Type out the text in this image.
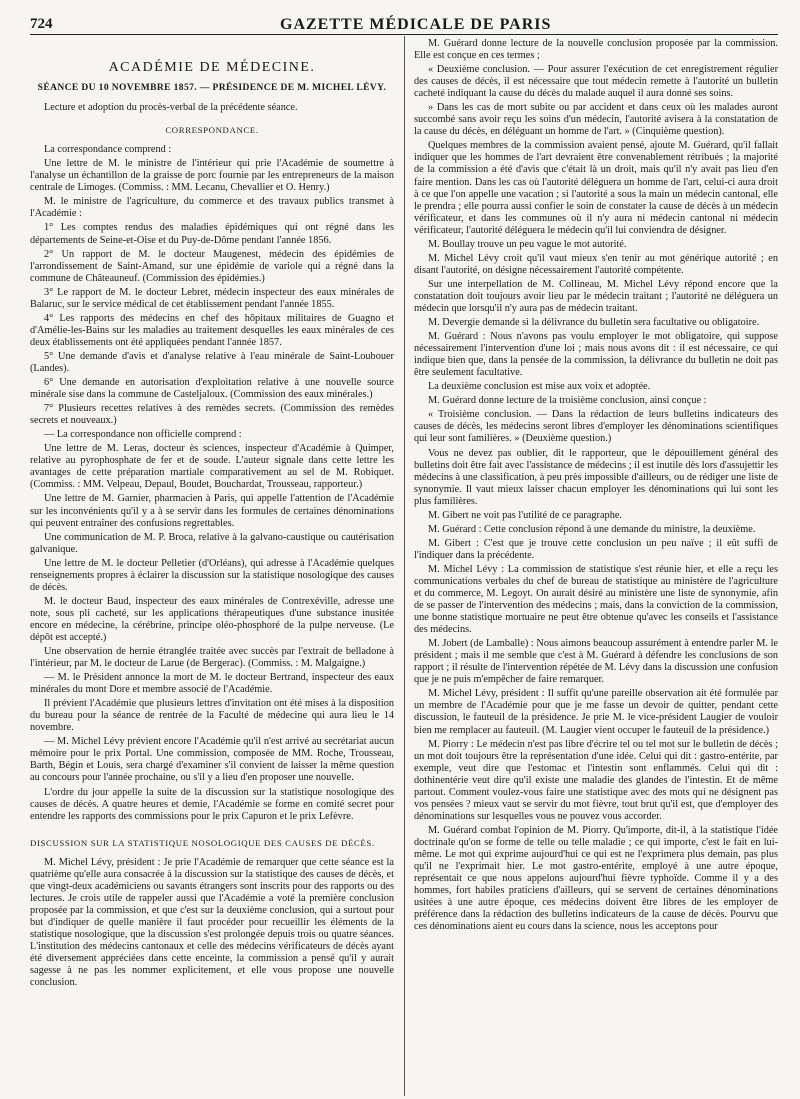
724	GAZETTE MÉDICALE DE PARIS
ACADÉMIE DE MÉDECINE.
SÉANCE DU 10 NOVEMBRE 1857. — PRÉSIDENCE DE M. MICHEL LÉVY.

Lecture et adoption du procès-verbal de la précédente séance.

CORRESPONDANCE.

La correspondance comprend :

Une lettre de M. le ministre de l'intérieur qui prie l'Académie de soumettre à l'analyse un échantillon de la graisse de porc fournie par les entrepreneurs de la maison centrale de Limoges. (Commiss. : MM. Lecanu, Chevallier et O. Henry.)

M. le ministre de l'agriculture, du commerce et des travaux publics transmet à l'Académie :

1° Les comptes rendus des maladies épidémiques qui ont régné dans les départements de Seine-et-Oise et du Puy-de-Dôme pendant l'année 1856.

2° Un rapport de M. le docteur Maugenest, médecin des épidémies de l'arrondissement de Saint-Amand, sur une épidémie de variole qui a régné dans la commune de Châteauneuf. (Commission des épidémies.)

3° Le rapport de M. le docteur Lebret, médecin inspecteur des eaux minérales de Balaruc, sur le service médical de cet établissement pendant l'année 1855.

4° Les rapports des médecins en chef des hôpitaux militaires de Guagno et d'Amélie-les-Bains sur les maladies au traitement desquelles les eaux minérales de ces deux établissements ont été appliquées pendant l'année 1857.

5° Une demande d'avis et d'analyse relative à l'eau minérale de Saint-Loubouer (Landes).

6° Une demande en autorisation d'exploitation relative à une nouvelle source minérale sise dans la commune de Casteljaloux. (Commission des eaux minérales.)

7° Plusieurs recettes relatives à des remèdes secrets. (Commission des remèdes secrets et nouveaux.)

— La correspondance non officielle comprend :

Une lettre de M. Leras, docteur ès sciences, inspecteur d'Académie à Quimper, relative au pyrophosphate de fer et de soude. L'auteur signale dans cette lettre les avantages de cette préparation martiale comparativement au sel de M. Robiquet. (Commiss. : MM. Velpeau, Depaul, Boudet, Bouchardat, Trousseau, rapporteur.)

Une lettre de M. Garnier, pharmacien à Paris, qui appelle l'attention de l'Académie sur les inconvénients qu'il y a à se servir dans les formules de certaines dénominations qui peuvent entraîner des confusions regrettables.

Une communication de M. P. Broca, relative à la galvano-caustique ou cautérisation galvanique.

Une lettre de M. le docteur Pelletier (d'Orléans), qui adresse à l'Académie quelques renseignements propres à éclairer la discussion sur la statistique nosologique des causes de décès.

M. le docteur Baud, inspecteur des eaux minérales de Contrexéville, adresse une note, sous pli cacheté, sur les applications thérapeutiques d'une substance inusitée encore en médecine, la cérébrine, principe oléo-phosphoré de la pulpe nerveuse. (Le dépôt est accepté.)

Une observation de hernie étranglée traitée avec succès par l'extrait de belladone à l'intérieur, par M. le docteur de Larue (de Bergerac). (Commiss. : M. Malgaigne.)

— M. le Président annonce la mort de M. le docteur Bertrand, inspecteur des eaux minérales du mont Dore et membre associé de l'Académie.

Il prévient l'Académie que plusieurs lettres d'invitation ont été mises à la disposition du bureau pour la séance de rentrée de la Faculté de médecine qui aura lieu le 14 novembre.

— M. Michel Lévy prévient encore l'Académie qu'il n'est arrivé au secrétariat aucun mémoire pour le prix Portal. Une commission, composée de MM. Roche, Trousseau, Barth, Bégin et Louis, sera chargé d'examiner s'il convient de laisser la même question au concours pour l'année prochaine, ou s'il y a lieu d'en proposer une nouvelle.

L'ordre du jour appelle la suite de la discussion sur la statistique nosologique des causes de décès. A quatre heures et demie, l'Académie se forme en comité secret pour entendre les rapports des commissions pour le prix Capuron et le prix Lefèvre.

DISCUSSION SUR LA STATISTIQUE NOSOLOGIQUE DES CAUSES DE DÉCÈS.

M. Michel Lévy, président : Je prie l'Académie de remarquer que cette séance est la quatrième qu'elle aura consacrée à la discussion sur la statistique des causes de décès, et que vingt-deux académiciens ou savants étrangers sont inscrits pour des rapports ou des lectures. Je crois utile de rappeler aussi que l'Académie a voté la première conclusion proposée par la commission, et que c'est sur la deuxième conclusion, qui a surtout pour but d'indiquer de quelle manière il faut procéder pour recueillir les éléments de la statistique nosologique, que la discussion s'est prolongée depuis trois ou quatre séances. L'institution des médecins cantonaux et celle des médecins vérificateurs de décès ayant été diversement appréciées dans cette enceinte, la commission a pensé qu'il y aurait sagesse à ne pas les nommer explicitement, et elle vous propose une nouvelle conclusion.

M. Guérard donne lecture de la nouvelle conclusion proposée par la commission. Elle est conçue en ces termes ;

« Deuxième conclusion. — Pour assurer l'exécution de cet enregistrement régulier des causes de décès, il est nécessaire que tout médecin remette à l'autorité un bulletin cacheté indiquant la cause du décès du malade auquel il aura donné ses soins.

» Dans les cas de mort subite ou par accident et dans ceux où les malades auront succombé sans avoir reçu les soins d'un médecin, l'autorité avisera à la constatation de la cause du décès, en déléguant un homme de l'art. » (Cinquième question).

Quelques membres de la commission avaient pensé, ajoute M. Guérard, qu'il fallait indiquer que les hommes de l'art devraient être convenablement rétribués ; la majorité de la commission a été d'avis que c'était là un droit, mais qu'il n'y avait pas lieu d'en faire mention. Dans les cas où l'autorité déléguera un homme de l'art, celui-ci aura droit à ce que l'on appelle une vacation ; si l'autorité a sous la main un médecin cantonal, elle le prendra ; elle pourra aussi confier le soin de constater la cause de décès à un médecin vérificateur, et dans les communes où il n'y aura ni médecin cantonal ni médecin vérificateur, l'autorité déléguera le médecin qu'il lui conviendra de désigner.

M. Boullay trouve un peu vague le mot autorité.

M. Michel Lévy croit qu'il vaut mieux s'en tenir au mot générique autorité ; en disant l'autorité, on désigne nécessairement l'autorité compétente.

Sur une interpellation de M. Collineau, M. Michel Lévy répond encore que la constatation doit toujours avoir lieu par le médecin traitant ; l'autorité ne déléguera un médecin que lorsqu'il n'y aura pas de médecin traitant.

M. Devergie demande si la délivrance du bulletin sera facultative ou obligatoire.

M. Guérard : Nous n'avons pas voulu employer le mot obligatoire, qui suppose nécessairement l'intervention d'une loi ; mais nous avons dit : il est nécessaire, ce qui indique bien que, dans la pensée de la commission, la délivrance du bulletin ne doit pas être seulement facultative.

La deuxième conclusion est mise aux voix et adoptée.

M. Guérard donne lecture de la troisième conclusion, ainsi conçue :

« Troisième conclusion. — Dans la rédaction de leurs bulletins indicateurs des causes de décès, les médecins seront libres d'employer les dénominations scientifiques qui leur sont familières. » (Deuxième question.)

Vous ne devez pas oublier, dit le rapporteur, que le dépouillement général des bulletins doit être fait avec l'assistance de médecins ; il est inutile dès lors d'assujettir les médecins à une classification, à peu près impossible d'ailleurs, ou de rédiger une liste de synonymie. Il vaut mieux laisser chacun employer les dénominations qui lui sont les plus familières.

M. Gibert ne voit pas l'utilité de ce paragraphe.

M. Guérard : Cette conclusion répond à une demande du ministre, la deuxième.

M. Gibert : C'est que je trouve cette conclusion un peu naïve ; il eût suffi de l'indiquer dans la précédente.

M. Michel Lévy : La commission de statistique s'est réunie hier, et elle a reçu les communications verbales du chef de bureau de statistique au ministère de l'agriculture et du commerce, M. Legoyt. On aurait désiré au ministère une liste de synonymie, afin de se passer de l'intervention des médecins ; mais, dans la conviction de la commission, une bonne statistique mortuaire ne peut être obtenue qu'avec les conseils et l'assistance des médecins.

M. Jobert (de Lamballe) : Nous aimons beaucoup assurément à entendre parler M. le président ; mais il me semble que c'est à M. Guérard à défendre les conclusions de son rapport ; il résulte de l'intervention répétée de M. Lévy dans la discussion une confusion que je ne puis m'empêcher de faire remarquer.

M. Michel Lévy, président : Il suffit qu'une pareille observation ait été formulée par un membre de l'Académie pour que je me fasse un devoir de quitter, pendant cette discussion, le fauteuil de la présidence. Je prie M. le vice-président Laugier de vouloir bien me remplacer au fauteuil. (M. Laugier vient occuper le fauteuil de la présidence.)

M. Piorry : Le médecin n'est pas libre d'écrire tel ou tel mot sur le bulletin de décès ; un mot doit toujours être la représentation d'une idée. Celui qui dit : gastro-entérite, par exemple, veut dire que l'estomac et l'intestin sont enflammés. Celui qui dit : dothinentérie veut dire qu'il existe une maladie des glandes de l'intestin. Et de même partout. Comment voulez-vous faire une statistique avec des mots qui ne désignent pas vos pensées ? mieux vaut se servir du mot fièvre, tout brut qu'il est, que d'employer des dénominations sur lesquelles vous ne pouvez vous accorder.

M. Guérard combat l'opinion de M. Piorry. Qu'importe, dit-il, à la statistique l'idée doctrinale qu'on se forme de telle ou telle maladie ; ce qui importe, c'est le fait en lui-même. Le mot qui exprime aujourd'hui ce qui est ne l'exprimera plus demain, pas plus qu'il ne l'exprimait hier. Le mot gastro-entérite, employé à une autre époque, représentait ce que nous appelons aujourd'hui fièvre typhoïde. Comme il y a des hommes, fort habiles praticiens d'ailleurs, qui se servent de certaines dénominations usitées à une autre époque, ces médecins doivent être libres de les employer de préférence dans la rédaction des bulletins indicateurs de la cause de décès. Pourvu que ces dénominations aient eu cours dans la science, nous les acceptons pour
